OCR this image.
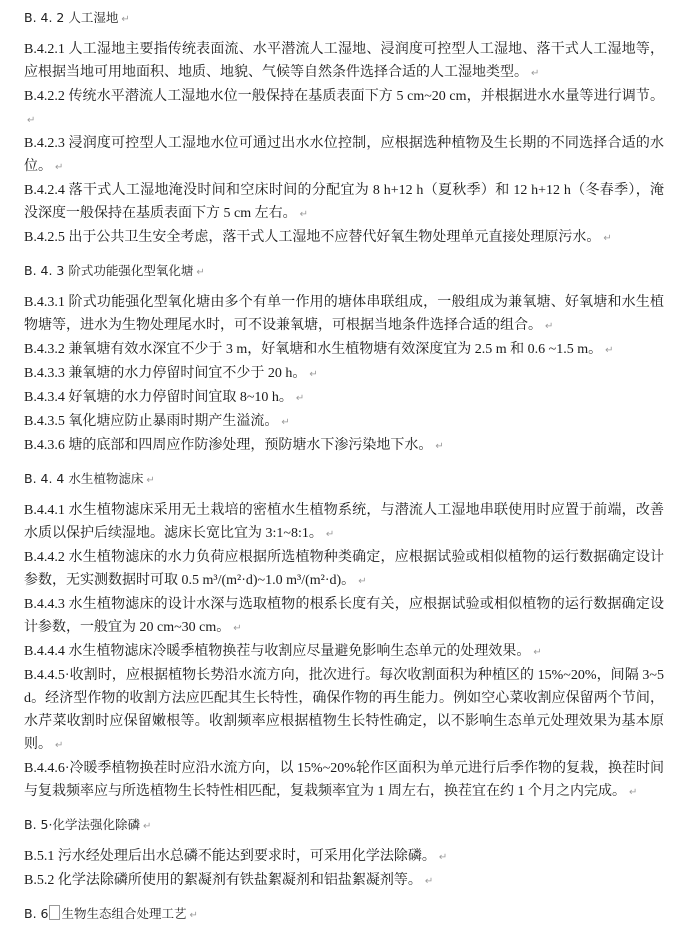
B. 4. 2 人工湿地 ↵

B.4.2.1 人工湿地主要指传统表面流、水平潜流人工湿地、浸润度可控型人工湿地、落干式人工湿地等，应根据当地可用地面积、地质、地貌、气候等自然条件选择合适的人工湿地类型。 ↵

B.4.2.2 传统水平潜流人工湿地水位一般保持在基质表面下方 5 cm~20 cm，并根据进水水量等进行调节。↵

B.4.2.3 浸润度可控型人工湿地水位可通过出水水位控制，应根据选种植物及生长期的不同选择合适的水位。 ↵

B.4.2.4 落干式人工湿地淹没时间和空床时间的分配宜为 8 h+12 h（夏秋季）和 12 h+12 h（冬春季），淹没深度一般保持在基质表面下方 5 cm 左右。 ↵

B.4.2.5 出于公共卫生安全考虑，落干式人工湿地不应替代好氧生物处理单元直接处理原污水。 ↵

B. 4. 3 阶式功能强化型氧化塘 ↵

B.4.3.1 阶式功能强化型氧化塘由多个有单一作用的塘体串联组成，一般组成为兼氧塘、好氧塘和水生植物塘等，进水为生物处理尾水时，可不设兼氧塘，可根据当地条件选择合适的组合。 ↵

B.4.3.2 兼氧塘有效水深宜不少于 3 m，好氧塘和水生植物塘有效深度宜为 2.5 m 和 0.6 ~1.5 m。 ↵

B.4.3.3 兼氧塘的水力停留时间宜不少于 20 h。 ↵

B.4.3.4 好氧塘的水力停留时间宜取 8~10 h。 ↵

B.4.3.5 氧化塘应防止暴雨时期产生溢流。 ↵

B.4.3.6 塘的底部和四周应作防渗处理，预防塘水下渗污染地下水。 ↵

B. 4. 4 水生植物滤床 ↵

B.4.4.1 水生植物滤床采用无土栽培的密植水生植物系统，与潜流人工湿地串联使用时应置于前端，改善水质以保护后续湿地。滤床长宽比宜为 3:1~8:1。 ↵

B.4.4.2 水生植物滤床的水力负荷应根据所选植物种类确定，应根据试验或相似植物的运行数据确定设计参数，无实测数据时可取 0.5 m³/(m²·d)~1.0 m³/(m²·d)。 ↵

B.4.4.3 水生植物滤床的设计水深与选取植物的根系长度有关，应根据试验或相似植物的运行数据确定设计参数，一般宜为 20 cm~30 cm。 ↵

B.4.4.4 水生植物滤床冷暖季植物换茬与收割应尽量避免影响生态单元的处理效果。 ↵

B.4.4.5·收割时，应根据植物长势沿水流方向，批次进行。每次收割面积为种植区的 15%~20%，间隔 3~5 d。经济型作物的收割方法应匹配其生长特性，确保作物的再生能力。例如空心菜收割应保留两个节间，水芹菜收割时应保留嫩根等。收割频率应根据植物生长特性确定，以不影响生态单元处理效果为基本原则。 ↵

B.4.4.6·冷暖季植物换茬时应沿水流方向，以 15%~20%轮作区面积为单元进行后季作物的复栽，换茬时间与复栽频率应与所选植物生长特性相匹配，复栽频率宜为 1 周左右，换茬宜在约 1 个月之内完成。 ↵

B. 5·化学法强化除磷 ↵

B.5.1 污水经处理后出水总磷不能达到要求时，可采用化学法除磷。 ↵

B.5.2 化学法除磷所使用的絮凝剂有铁盐絮凝剂和铝盐絮凝剂等。 ↵

B. 6 生物生态组合处理工艺 ↵
